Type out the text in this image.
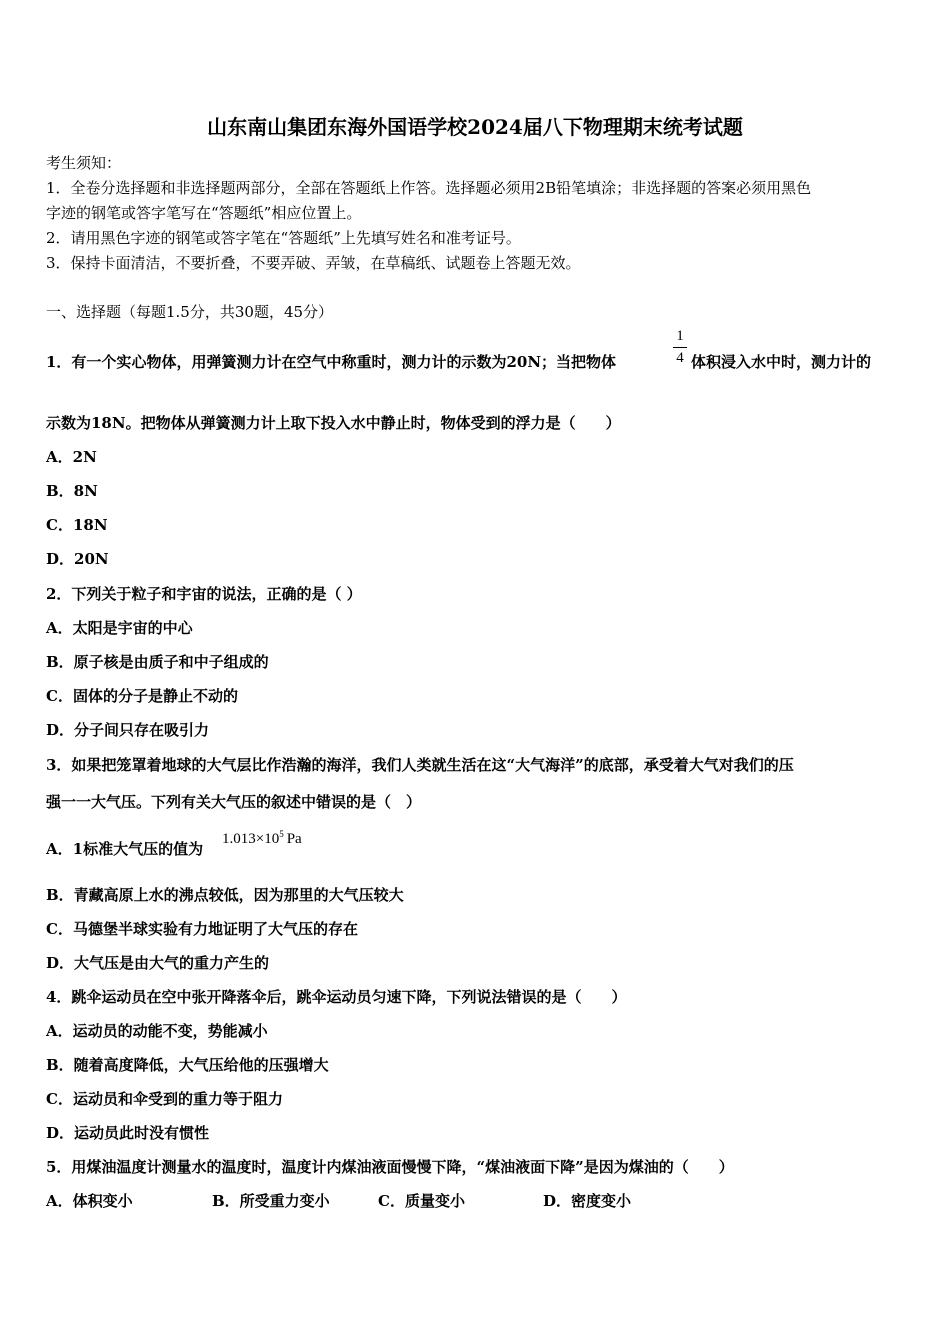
山东南山集团东海外国语学校2024届八下物理期末统考试题
考生须知：
1．全卷分选择题和非选择题两部分，全部在答题纸上作答。选择题必须用2B铅笔填涂；非选择题的答案必须用黑色
字迹的钢笔或答字笔写在“答题纸”相应位置上。
2．请用黑色字迹的钢笔或答字笔在“答题纸”上先填写姓名和准考证号。
3．保持卡面清洁，不要折叠，不要弄破、弄皱，在草稿纸、试题卷上答题无效。
一、选择题（每题1.5分，共30题，45分）
1．有一个实心物体，用弹簧测力计在空气中称重时，测力计的示数为20N；当把物体
1
4 体积浸入水中时，测力计的
示数为18N。把物体从弹簧测力计上取下投入水中静止时，物体受到的浮力是（　　）
A．2N
B．8N
C．18N
D．20N
2．下列关于粒子和宇宙的说法，正确的是（ ）
A．太阳是宇宙的中心
B．原子核是由质子和中子组成的
C．固体的分子是静止不动的
D．分子间只存在吸引力
3．如果把笼罩着地球的大气层比作浩瀚的海洋，我们人类就生活在这“大气海洋”的底部，承受着大气对我们的压
强一一大气压。下列有关大气压的叙述中错误的是（　）
A．1标准大气压的值为
$1.013\times 10^5$ Pa
B．青藏高原上水的沸点较低，因为那里的大气压较大
C．马德堡半球实验有力地证明了大气压的存在
D．大气压是由大气的重力产生的
4．跳伞运动员在空中张开降落伞后，跳伞运动员匀速下降，下列说法错误的是（　　）
A．运动员的动能不变，势能减小
B．随着高度降低，大气压给他的压强增大
C．运动员和伞受到的重力等于阻力
D．运动员此时没有惯性
5．用煤油温度计测量水的温度时，温度计内煤油液面慢慢下降，“煤油液面下降”是因为煤油的（　　）
A．体积变小	B．所受重力变小	C．质量变小	D．密度变小
